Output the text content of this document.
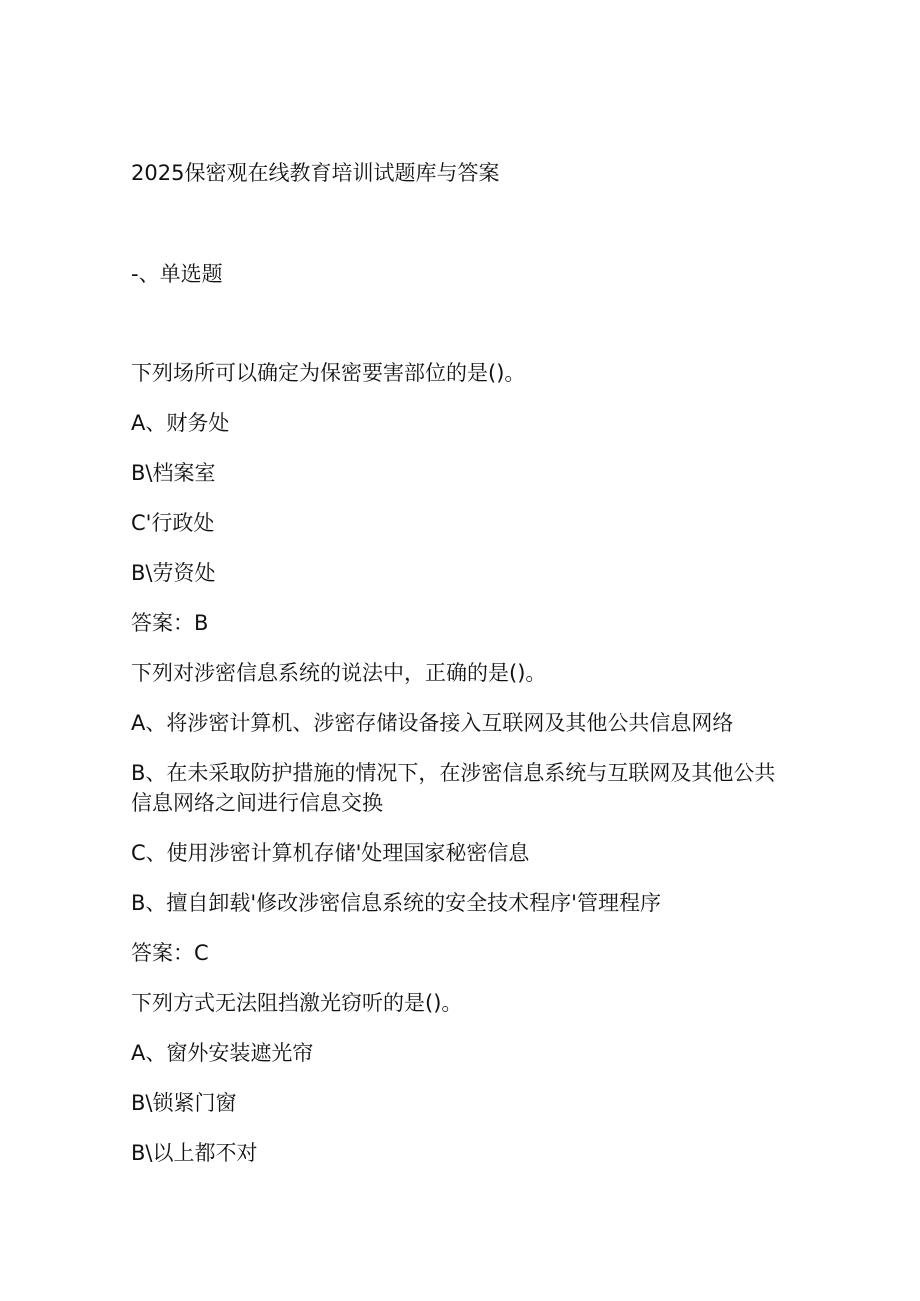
2025保密观在线教育培训试题库与答案
-、单选题
下列场所可以确定为保密要害部位的是()。
A、财务处
B\档案室
C'行政处
B\劳资处
答案：B
下列对涉密信息系统的说法中，正确的是()。
A、将涉密计算机、涉密存储设备接入互联网及其他公共信息网络
B、在未采取防护措施的情况下，在涉密信息系统与互联网及其他公共信息网络之间进行信息交换
C、使用涉密计算机存储'处理国家秘密信息
B、擅自卸载'修改涉密信息系统的安全技术程序'管理程序
答案：C
下列方式无法阻挡激光窃听的是()。
A、窗外安装遮光帘
B\锁紧门窗
B\以上都不对
